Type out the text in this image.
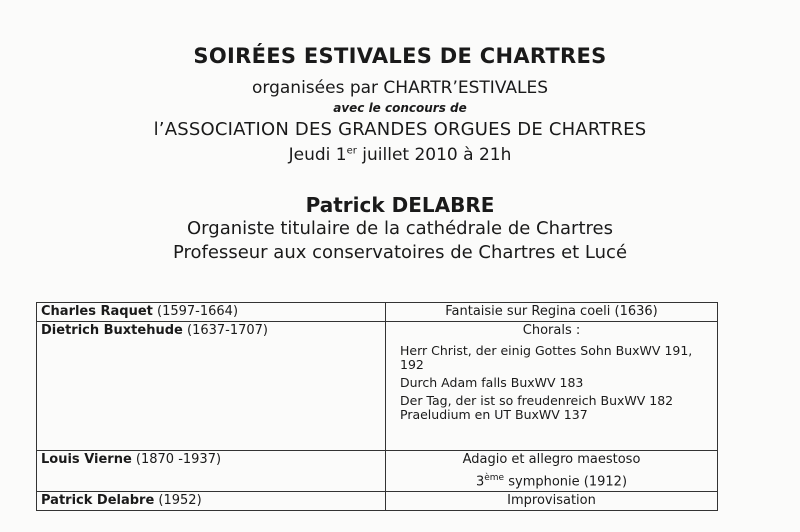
SOIRÉES ESTIVALES DE CHARTRES
organisées par CHARTR’ESTIVALES
avec le concours de
l’ASSOCIATION DES GRANDES ORGUES DE CHARTRES
Jeudi 1er juillet 2010 à 21h
Patrick DELABRE
Organiste titulaire de la cathédrale de Chartres
Professeur aux conservatoires de Chartres et Lucé
Charles Raquet (1597-1664)	Fantaisie sur Regina coeli (1636)
Dietrich Buxtehude (1637-1707)	Chorals :
Herr Christ, der einig Gottes Sohn BuxWV 191, 192
Durch Adam falls BuxWV 183
Der Tag, der ist so freudenreich BuxWV 182
Praeludium en UT BuxWV 137

Louis Vierne (1870 -1937)	Adagio et allegro maestoso
3ème symphonie (1912)

Patrick Delabre (1952)	Improvisation
